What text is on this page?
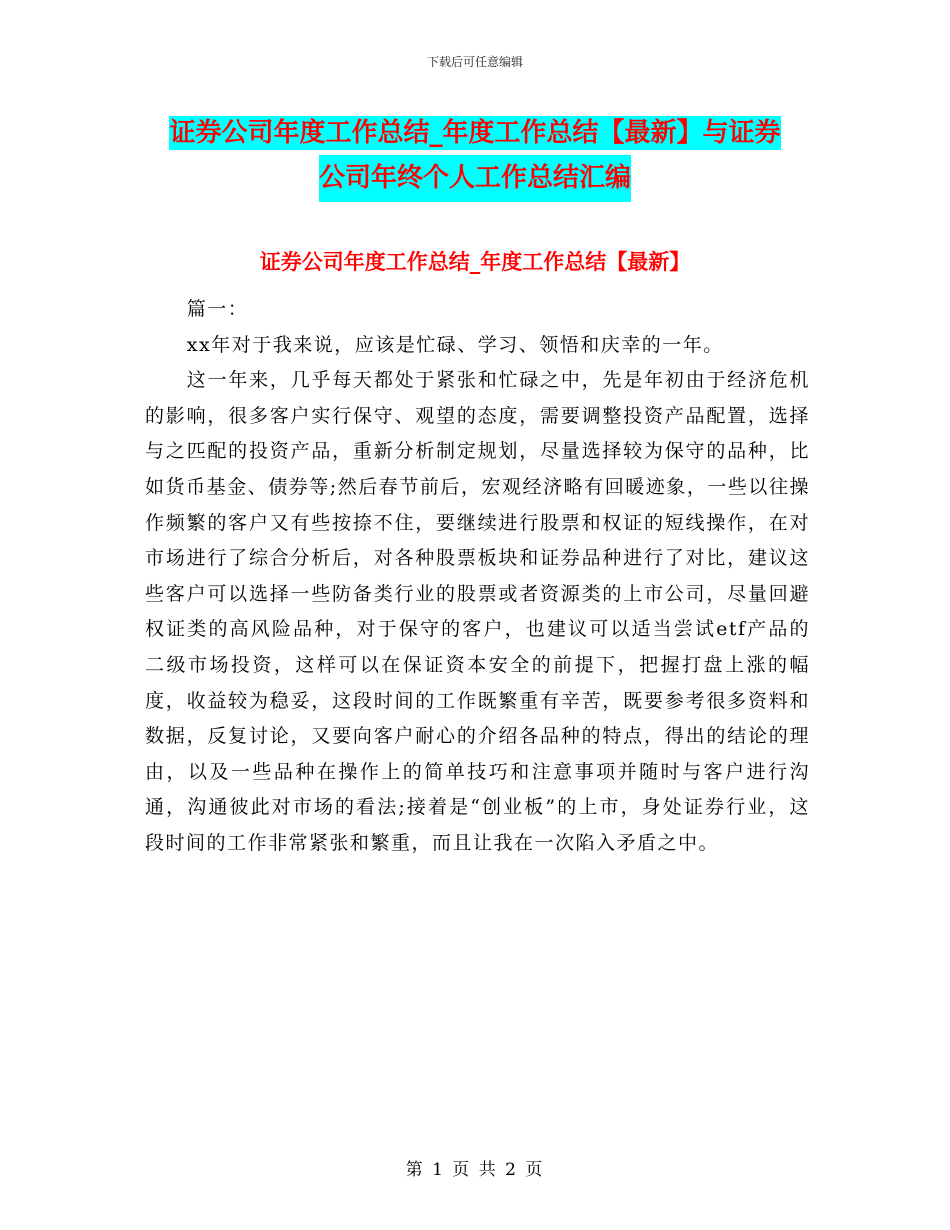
下载后可任意编辑
证券公司年度工作总结_年度工作总结【最新】与证券
公司年终个人工作总结汇编
证券公司年度工作总结_年度工作总结【最新】

篇一：

xx年对于我来说，应该是忙碌、学习、领悟和庆幸的一年。

这一年来，几乎每天都处于紧张和忙碌之中，先是年初由于经济危机的影响，很多客户实行保守、观望的态度，需要调整投资产品配置，选择与之匹配的投资产品，重新分析制定规划，尽量选择较为保守的品种，比如货币基金、债券等;然后春节前后，宏观经济略有回暖迹象，一些以往操作频繁的客户又有些按捺不住，要继续进行股票和权证的短线操作，在对市场进行了综合分析后，对各种股票板块和证券品种进行了对比，建议这些客户可以选择一些防备类行业的股票或者资源类的上市公司，尽量回避权证类的高风险品种，对于保守的客户，也建议可以适当尝试etf产品的二级市场投资，这样可以在保证资本安全的前提下，把握打盘上涨的幅度，收益较为稳妥，这段时间的工作既繁重有辛苦，既要参考很多资料和数据，反复讨论，又要向客户耐心的介绍各品种的特点，得出的结论的理由，以及一些品种在操作上的简单技巧和注意事项并随时与客户进行沟通，沟通彼此对市场的看法;接着是“创业板”的上市，身处证券行业，这段时间的工作非常紧张和繁重，而且让我在一次陷入矛盾之中。

第 1 页 共 2 页
